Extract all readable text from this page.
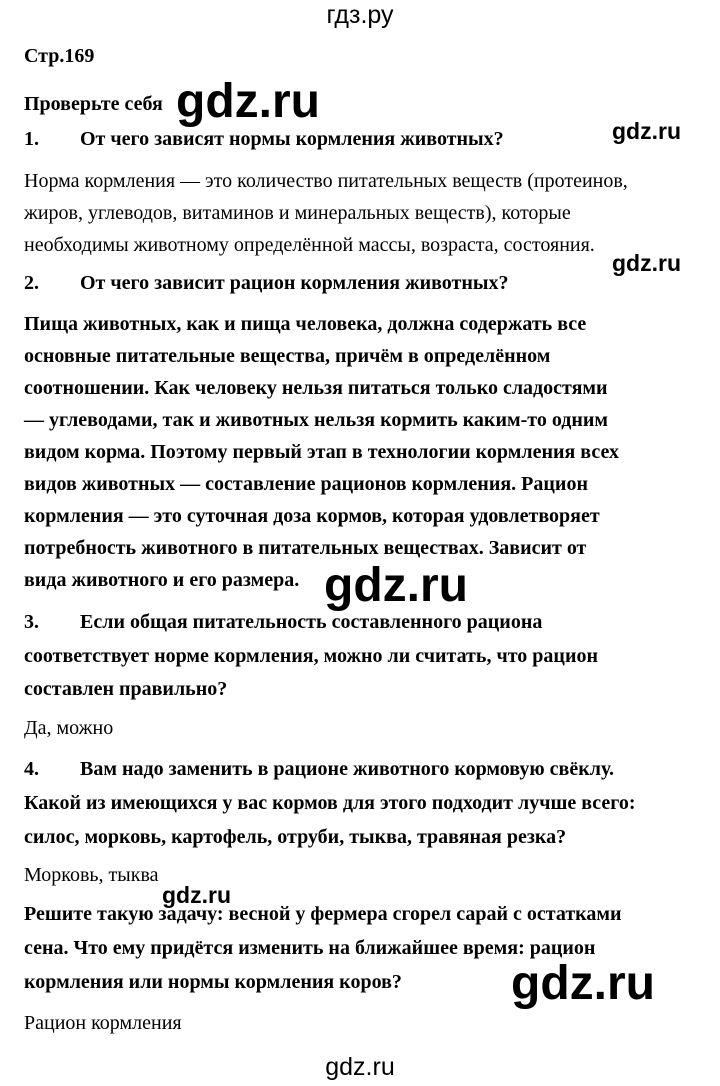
гдз.ру
Стр.169
Проверьте себя
1. От чего зависят нормы кормления животных?
Норма кормления — это количество питательных веществ (протеинов,
жиров, углеводов, витаминов и минеральных веществ), которые
необходимы животному определённой массы, возраста, состояния.
2. От чего зависит рацион кормления животных?
Пища животных, как и пища человека, должна содержать все
основные питательные вещества, причём в определённом
соотношении. Как человеку нельзя питаться только сладостями
— углеводами, так и животных нельзя кормить каким-то одним
видом корма. Поэтому первый этап в технологии кормления всех
видов животных — составление рационов кормления. Рацион
кормления — это суточная доза кормов, которая удовлетворяет
потребность животного в питательных веществах. Зависит от
вида животного и его размера.
3. Если общая питательность составленного рациона
соответствует норме кормления, можно ли считать, что рацион
составлен правильно?
Да, можно
4. Вам надо заменить в рационе животного кормовую свёклу.
Какой из имеющихся у вас кормов для этого подходит лучше всего:
силос, морковь, картофель, отруби, тыква, травяная резка?
Морковь, тыква
Решите такую задачу: весной у фермера сгорел сарай с остатками
сена. Что ему придётся изменить на ближайшее время: рацион
кормления или нормы кормления коров?
Рацион кормления
gdz.ru
gdz.ru
gdz.ru
gdz.ru
gdz.ru
gdz.ru
gdz.ru
